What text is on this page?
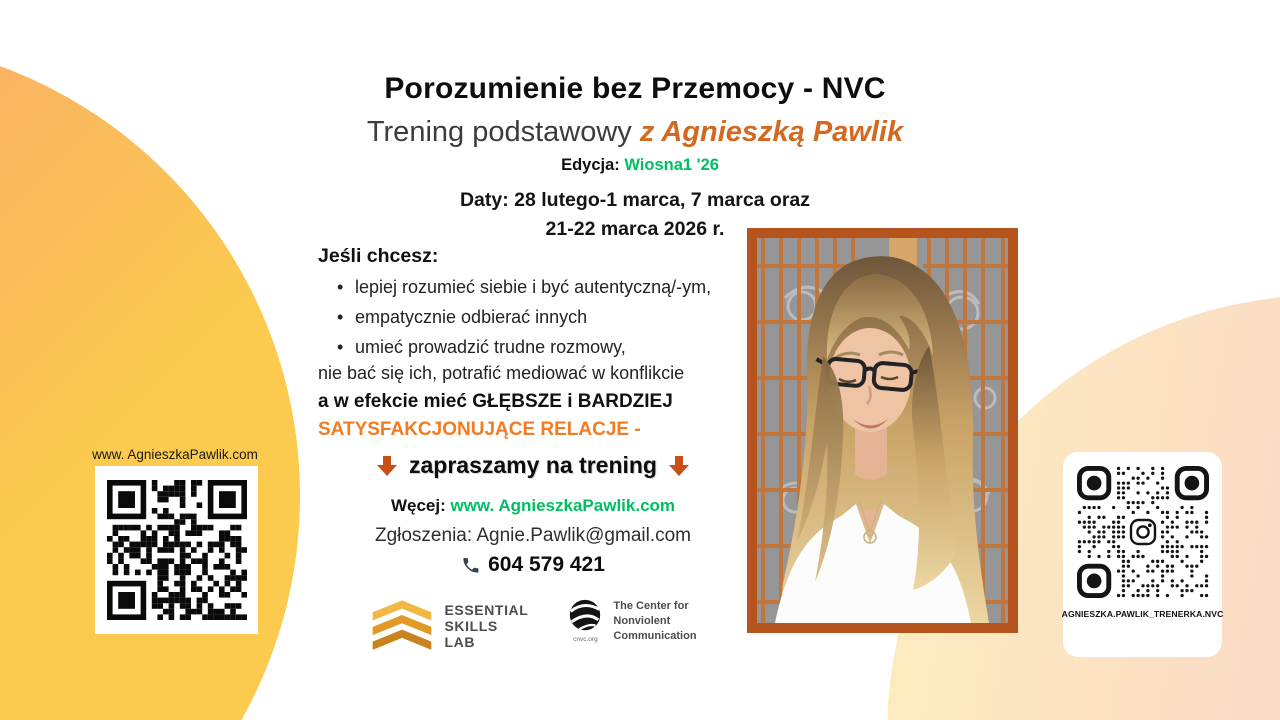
Porozumienie bez Przemocy - NVC
Trening podstawowy z Agnieszką Pawlik
Edycja: Wiosna1 '26
Daty: 28 lutego-1 marca, 7 marca oraz
21-22 marca 2026 r.
Jeśli chcesz:
• lepiej rozumieć siebie i być autentyczną/-ym,
• empatycznie odbierać innych
• umieć prowadzić trudne rozmowy,
nie bać się ich, potrafić mediować w konflikcie
a w efekcie mieć GŁĘBSZE i BARDZIEJ
SATYSFAKCJONUJĄCE RELACJE -
zapraszamy na trening
Węcej: www. AgnieszkaPawlik.com
Zgłoszenia: Agnie.Pawlik@gmail.com
604 579 421
ESSENTIAL
SKILLS
LAB	cnvc.org
The Center for
Nonviolent
Communication
www. AgnieszkaPawlik.com
AGNIESZKA.PAWLIK_TRENERKA.NVC
